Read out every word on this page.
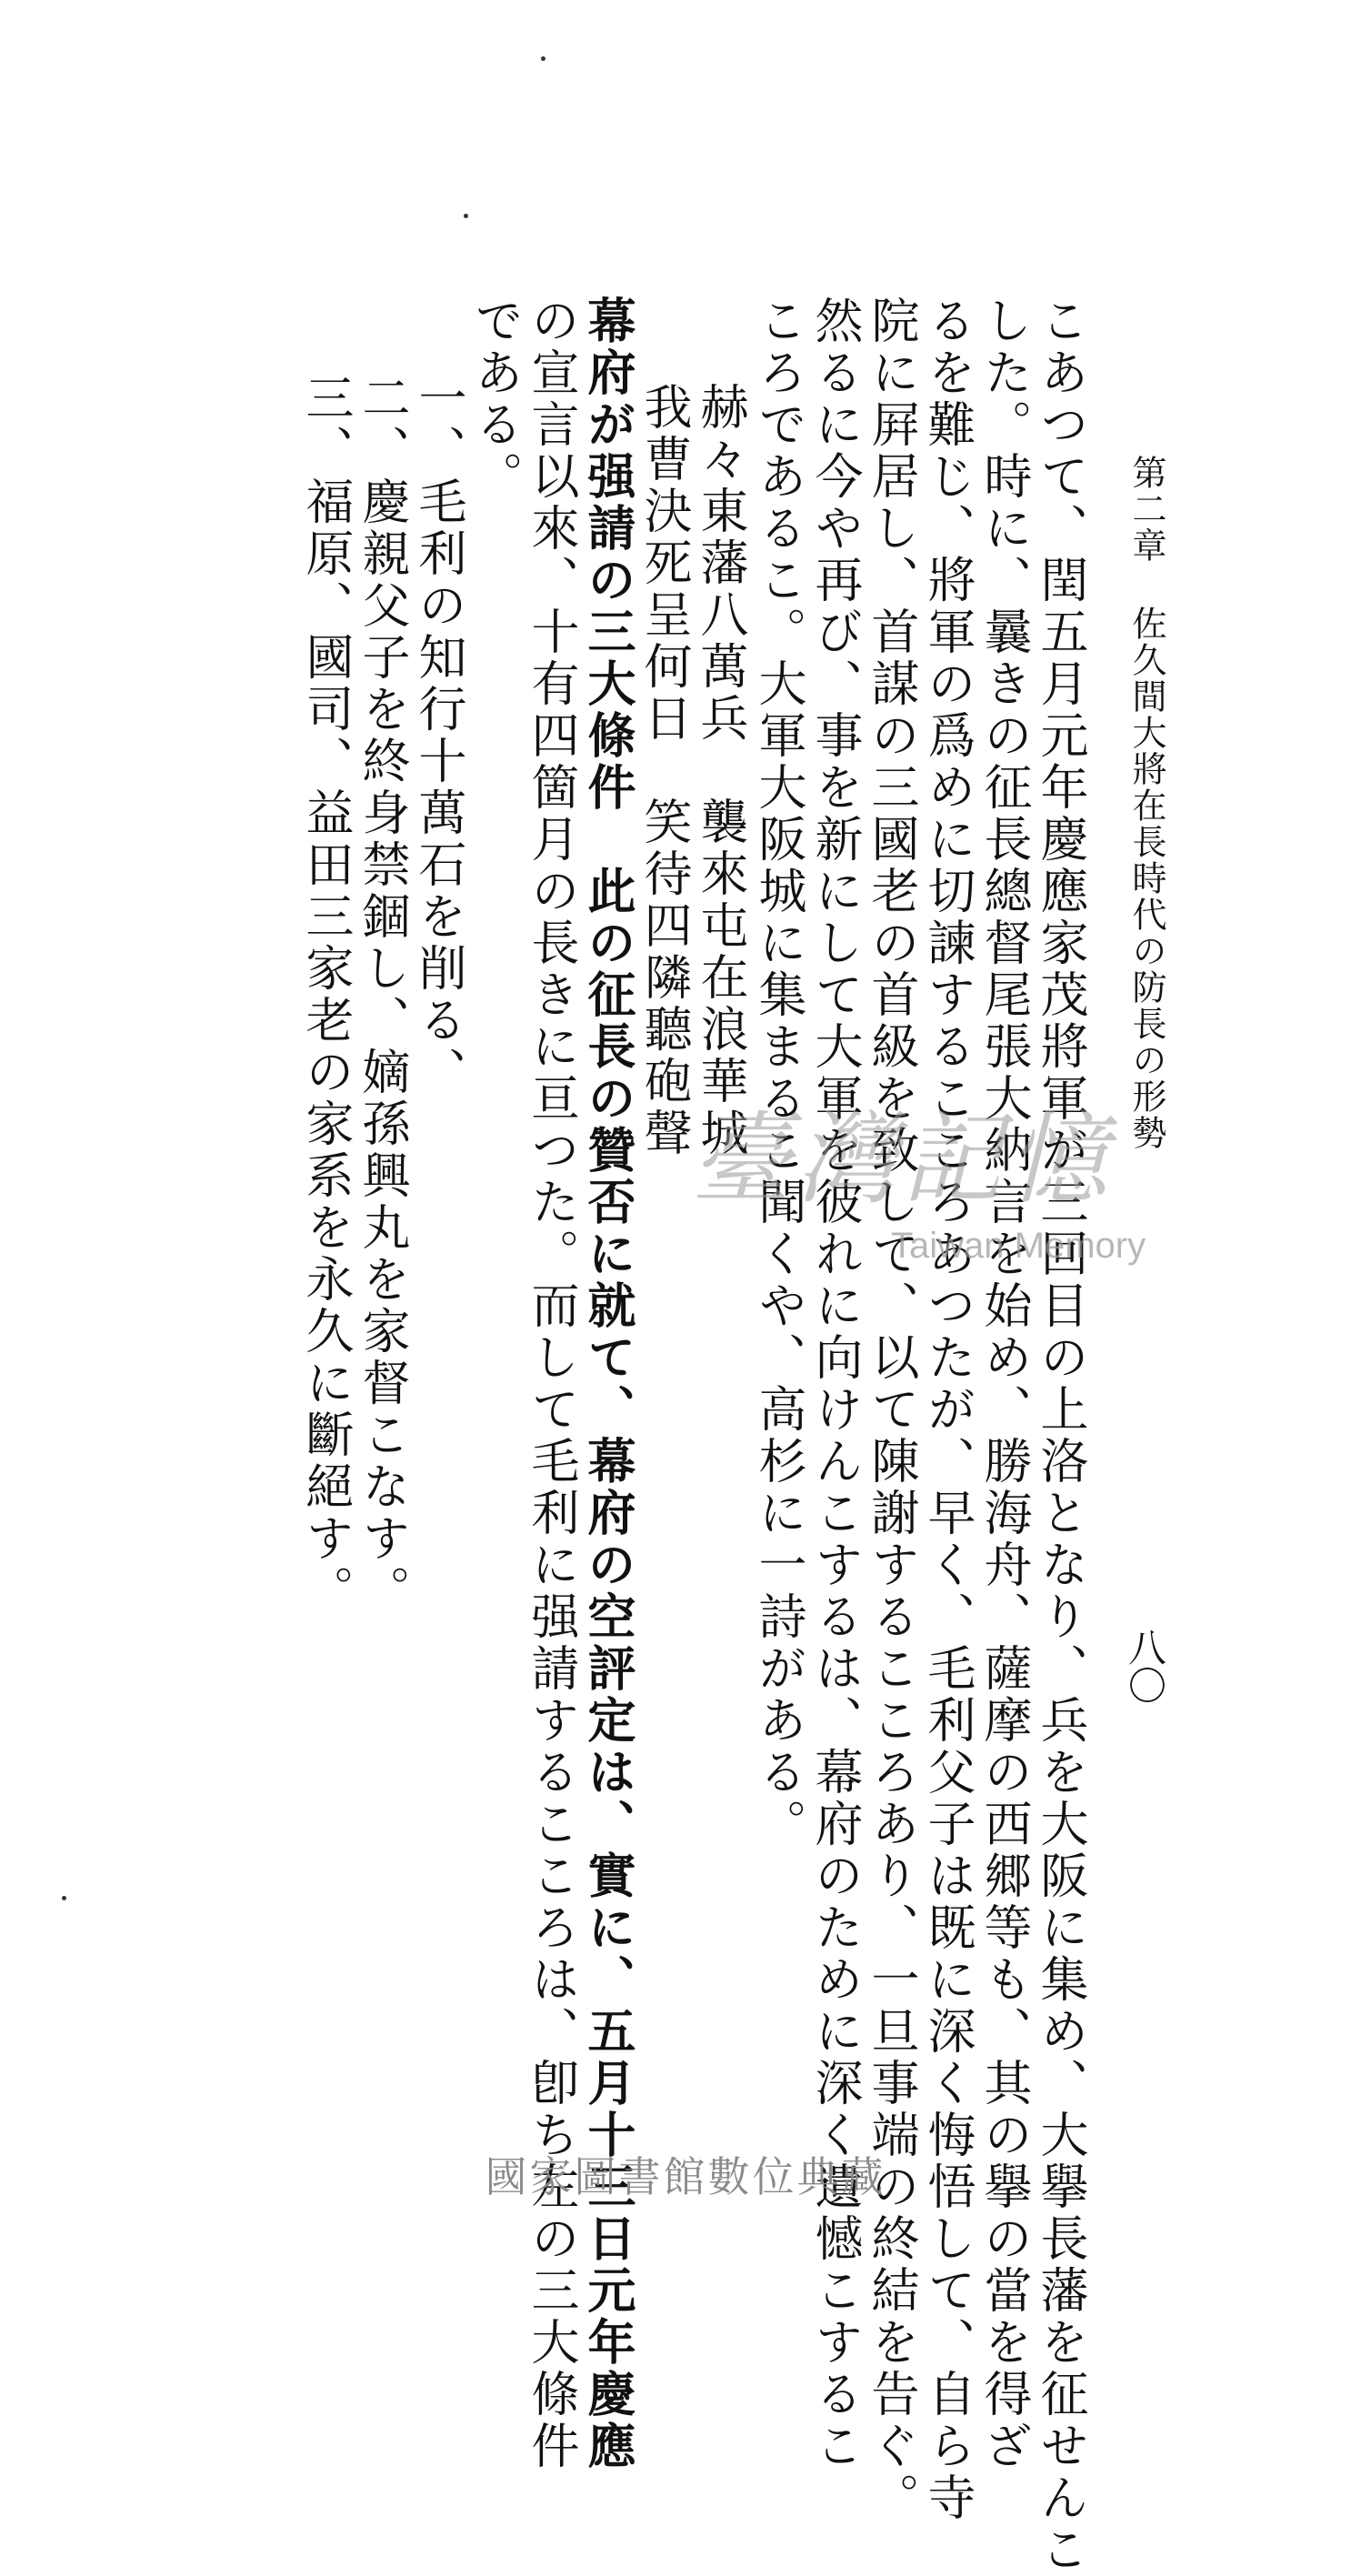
第二章 佐久間大將在長時代の防長の形勢
八〇
こあつて、閏五月元年慶應家茂將軍が三回目の上洛となり、兵を大阪に集め、大擧長藩を征せんこ
した。時に、曩きの征長總督尾張大納言を始め、勝海舟、薩摩の西郷等も、其の擧の當を得ざ
るを難じ、將軍の爲めに切諫するこころあつたが、早く、毛利父子は既に深く悔悟して、自ら寺
院に屛居し、首謀の三國老の首級を致して、以て陳謝するこころあり、一旦事端の終結を告ぐ。
然るに今や再び、事を新にして大軍を彼れに向けんこするは、幕府のために深く遺憾こするこ
ころであるこ。大軍大阪城に集まるこ聞くや、高杉に一詩がある。
赫々東藩八萬兵　襲來屯在浪華城
我曹決死呈何日　笑待四隣聽砲聲
幕府が强請の三大條件　此の征長の贊否に就て、幕府の空評定は、實に、五月十三日元年慶應
の宣言以來、十有四箇月の長きに亘つた。而して毛利に强請するこころは、卽ち左の三大條件
である。
一、毛利の知行十萬石を削る、
二、慶親父子を終身禁錮し、嫡孫興丸を家督こなす。
三、福原、國司、益田三家老の家系を永久に斷絕す。	臺灣記憶
Taiwan Memory
國家圖書館數位典藏
